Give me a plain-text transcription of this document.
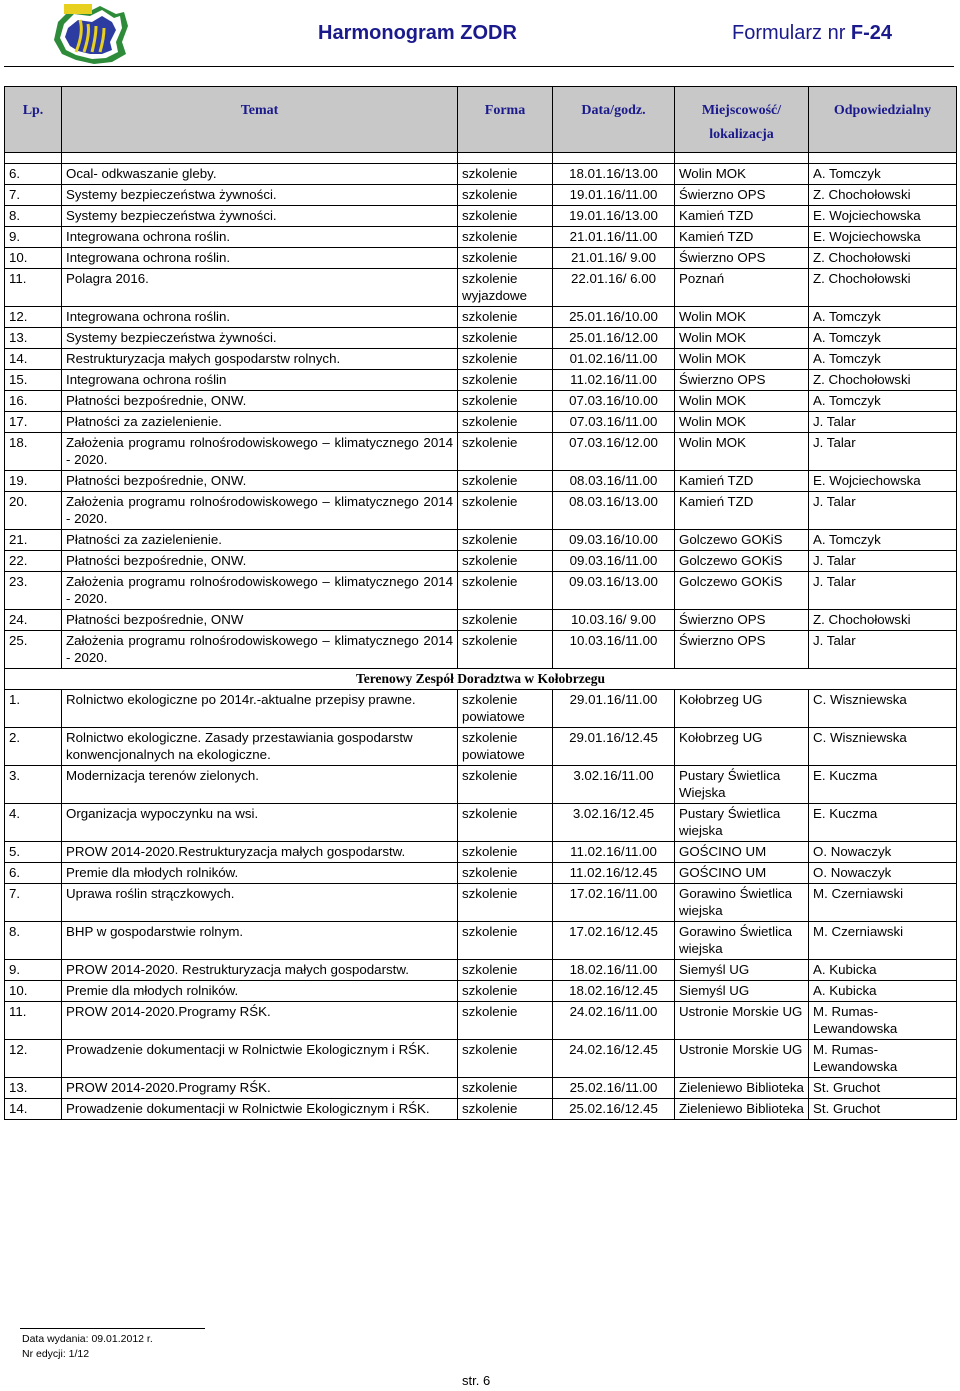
Harmonogram ZODR	Formularz nr F-24
Lp.	Temat	Forma	Data/godz.	Miejscowość/ lokalizacja	Odpowiedzialny

6.	Ocal- odkwaszanie gleby.	szkolenie	18.01.16/13.00	Wolin MOK	A. Tomczyk
7.	Systemy bezpieczeństwa żywności.	szkolenie	19.01.16/11.00	Świerzno OPS	Z. Chochołowski
8.	Systemy bezpieczeństwa żywności.	szkolenie	19.01.16/13.00	Kamień TZD	E. Wojciechowska
9.	Integrowana ochrona roślin.	szkolenie	21.01.16/11.00	Kamień TZD	E. Wojciechowska
10.	Integrowana ochrona roślin.	szkolenie	21.01.16/ 9.00	Świerzno OPS	Z. Chochołowski
11.	Polagra 2016.	szkolenie wyjazdowe	22.01.16/ 6.00	Poznań	Z. Chochołowski
12.	Integrowana ochrona roślin.	szkolenie	25.01.16/10.00	Wolin MOK	A. Tomczyk
13.	Systemy bezpieczeństwa żywności.	szkolenie	25.01.16/12.00	Wolin MOK	A. Tomczyk
14.	Restrukturyzacja małych gospodarstw rolnych.	szkolenie	01.02.16/11.00	Wolin MOK	A. Tomczyk
15.	Integrowana ochrona roślin	szkolenie	11.02.16/11.00	Świerzno OPS	Z. Chochołowski
16.	Płatności bezpośrednie, ONW.	szkolenie	07.03.16/10.00	Wolin MOK	A. Tomczyk
17.	Płatności za zazielenienie.	szkolenie	07.03.16/11.00	Wolin MOK	J. Talar
18.	Założenia programu rolnośrodowiskowego – klimatycznego 2014 - 2020.	szkolenie	07.03.16/12.00	Wolin MOK	J. Talar
19.	Płatności bezpośrednie, ONW.	szkolenie	08.03.16/11.00	Kamień TZD	E. Wojciechowska
20.	Założenia programu rolnośrodowiskowego – klimatycznego 2014 - 2020.	szkolenie	08.03.16/13.00	Kamień TZD	J. Talar
21.	Płatności za zazielenienie.	szkolenie	09.03.16/10.00	Golczewo GOKiS	A. Tomczyk
22.	Płatności bezpośrednie, ONW.	szkolenie	09.03.16/11.00	Golczewo GOKiS	J. Talar
23.	Założenia programu rolnośrodowiskowego – klimatycznego 2014 - 2020.	szkolenie	09.03.16/13.00	Golczewo GOKiS	J. Talar
24.	Płatności bezpośrednie, ONW	szkolenie	10.03.16/ 9.00	Świerzno OPS	Z. Chochołowski
25.	Założenia programu rolnośrodowiskowego – klimatycznego 2014 - 2020.	szkolenie	10.03.16/11.00	Świerzno OPS	J. Talar
Terenowy Zespół Doradztwa w Kołobrzegu					
1.	Rolnictwo ekologiczne po 2014r.-aktualne przepisy prawne.	szkolenie powiatowe	29.01.16/11.00	Kołobrzeg UG	C. Wiszniewska
2.	Rolnictwo ekologiczne. Zasady przestawiania gospodarstw konwencjonalnych na ekologiczne.	szkolenie powiatowe	29.01.16/12.45	Kołobrzeg UG	C. Wiszniewska
3.	Modernizacja terenów zielonych.	szkolenie	3.02.16/11.00	Pustary Świetlica Wiejska	E. Kuczma
4.	Organizacja wypoczynku na wsi.	szkolenie	3.02.16/12.45	Pustary Świetlica wiejska	E. Kuczma
5.	PROW 2014-2020.Restrukturyzacja małych gospodarstw.	szkolenie	11.02.16/11.00	GOŚCINO UM	O. Nowaczyk
6.	Premie dla młodych rolników.	szkolenie	11.02.16/12.45	GOŚCINO UM	O. Nowaczyk
7.	Uprawa roślin strączkowych.	szkolenie	17.02.16/11.00	Gorawino Świetlica wiejska	M. Czerniawski
8.	BHP w gospodarstwie rolnym.	szkolenie	17.02.16/12.45	Gorawino Świetlica wiejska	M. Czerniawski
9.	PROW 2014-2020. Restrukturyzacja małych gospodarstw.	szkolenie	18.02.16/11.00	Siemyśl UG	A. Kubicka
10.	Premie dla młodych rolników.	szkolenie	18.02.16/12.45	Siemyśl UG	A. Kubicka
11.	PROW 2014-2020.Programy RŚK.	szkolenie	24.02.16/11.00	Ustronie Morskie UG	M. Rumas-Lewandowska
12.	Prowadzenie dokumentacji w Rolnictwie Ekologicznym i RŚK.	szkolenie	24.02.16/12.45	Ustronie Morskie UG	M. Rumas-Lewandowska
13.	PROW 2014-2020.Programy RŚK.	szkolenie	25.02.16/11.00	Zieleniewo Biblioteka	St. Gruchot
14.	Prowadzenie dokumentacji w Rolnictwie Ekologicznym i RŚK.	szkolenie	25.02.16/12.45	Zieleniewo Biblioteka	St. Gruchot
Data wydania: 09.01.2012 r.
Nr edycji: 1/12
str. 6
